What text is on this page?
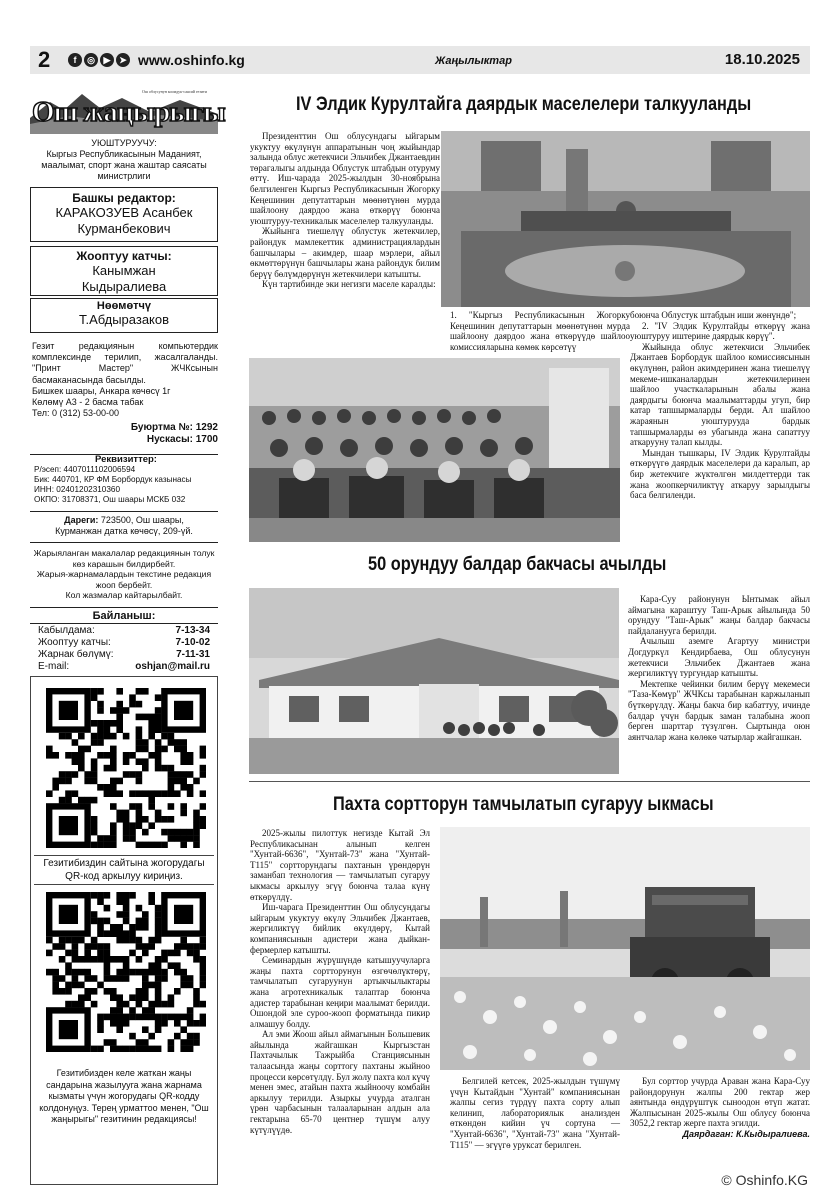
2	f	◎ ▶ ➤ www.oshinfo.kg	Жаңылыктар	18.10.2025
Ош облусунун коомдук-саясий гезити
Ош жаңырыгы
УЮШТУРУУЧУ:
Кыргыз Республикасынын Маданият, маалымат, спорт жана жаштар саясаты министрлиги
Башкы редактор:
КАРАКОЗУЕВ Асанбек Курманбекович
Жооптуу катчы:
Канымжан Кыдыралиева
Нөөмөтчү
Т.Абдыразаков
Гезит редакциянын компьютердик комплексинде терилип, жасалгаланды. "Принт Мастер" ЖЧКсынын басмаканасында басылды.
Бишкек шаары, Анкара көчөсү 1г
Көлөмү А3 - 2 басма табак
Тел: 0 (312) 53-00-00
Буюртма №: 1292
Нускасы: 1700
Реквизиттер:
Р/эсеп: 4407011102006594
Бик: 440701, КР ФМ Борбордук казынасы
ИНН: 02401202310360
ОКПО: 31708371, Ош шаары МСКБ 032
Дареги: 723500, Ош шаары, Курманжан датка көчөсү, 209-үй.
Жарыяланган макалалар редакциянын толук көз карашын билдирбейт.
Жарыя-жарнамалардын текстине редакция жооп бербейт.
Кол жазмалар кайтарылбайт.
Байланыш:
Кабылдама:	7-13-34
Жооптуу катчы:	7-10-02
Жарнак бөлүмү:	7-11-31
E-mail:	oshjan@mail.ru
Гезитибиздин сайтына жогорудагы QR-код аркылуу кириңиз.
Гезитибизден келе жаткан жаңы сандарына жазылууга жана жарнама кызматы үчүн жогорудагы QR-кодду колдонуңуз. Терең урматтоо менен, "Ош жаңырыгы" гезитинин редакциясы!
IV Элдик Курултайга даярдык маселелери талкууланды

Президенттин Ош облусундагы ыйгарым укуктуу өкүлүнүн аппаратынын чоң жыйындар залында облус жетекчиси Эльчибек Джантаевдин төрагалыгы алдында Облустук штабдын отуруму өттү. Иш-чарада 2025-жылдын 30-ноябрына белгиленген Кыргыз Республикасынын Жогорку Кеңешинин депутаттарын мөөнөтүнөн мурда шайлоону даярдоо жана өткөрүү боюнча уюштуруу-техникалык маселелер талкууланды.

Жыйынга тиешелүү облустук жетекчилер, райондук мамлекеттик администрациялардын башчылары – акимдер, шаар мэрлери, айыл өкмөттөрүнүн башчылары жана райондук билим берүү бөлүмдөрүнүн жетекчилери катышты.

Күн тартибинде эки негизги маселе каралды:

1. "Кыргыз Республикасынын Жогорку Кеңешинин депутаттарын мөөнөтүнөн мурда шайлоону даярдоо жана өткөрүүдө шайлоо комиссияларына көмөк көрсөтүү

боюнча Облустук штабдын иши жөнүндө";

2. "IV Элдик Курултайды өткөрүү жана уюштуруу иштерине даярдык көрүү".

Жыйында облус жетекчиси Эльчибек Джантаев Борбордук шайлоо комиссиясынын өкүлүнөн, район акимдеринен жана тиешелүү мекеме-ишканалардын жетекчилеринен шайлоо участкаларынын абалы жана даярдыгы боюнча маалыматтарды угуп, бир катар тапшырмаларды берди. Ал шайлоо жараянын уюштурууда бардык тапшырмаларды өз убагында жана сапаттуу аткарууну талап кылды.

Мындан тышкары, IV Элдик Курултайды өткөрүүгө даярдык маселелери да каралып, ар бир жетекчиге жүктөлгөн милдеттерди так жана жоопкерчиликтүү аткаруу зарылдыгы баса белгиленди.

50 орундуу балдар бакчасы ачылды

Кара-Суу районунун Ынтымак айыл аймагына караштуу Таш-Арык айылында 50 орундуу "Таш-Арык" жаңы балдар бакчасы пайдаланууга берилди.

Ачылыш аземге Агартуу министри Догдуркүл Кендирбаева, Ош облусунун жетекчиси Эльчибек Джантаев жана жергиликтүү тургундар катышты.

Мектепке чейинки билим берүү мекемеси "Таза-Көмүр" ЖЧКсы тарабынан каржыланып бүткөрүлдү. Жаңы бакча бир кабаттуу, ичинде балдар үчүн бардык заман талабына жооп берген шарттар түзүлгөн. Сыртында оюн аянтчалар жана көлөкө чатырлар жайгашкан.

Пахта сортторун тамчылатып сугаруу ыкмасы

2025-жылы пилоттук негизде Кытай Эл Республикасынан алынып келген "Хунтай-6636", "Хунтай-73" жана "Хунтай-Т115" сортторундагы пахтанын үрөндөрүн заманбап технология — тамчылатып сугаруу ыкмасы аркылуу эгүү боюнча талаа күнү өткөрүлдү.

Иш-чарага Президенттин Ош облусундагы ыйгарым укуктуу өкүлү Эльчибек Джантаев, жергиликтүү бийлик өкүлдөрү, Кытай компаниясынын адистери жана дыйкан-фермерлер катышты.

Семинардын жүрүшүндө катышуучуларга жаңы пахта сортторунун өзгөчөлүктөрү, тамчылатып сугаруунун артыкчылыктары жана агротехникалык талаптар боюнча адистер тарабынан кеңири маалымат берилди. Ошондой эле суроо-жооп форматында пикир алмашуу болду.

Ал эми Жоош айыл аймагынын Большевик айылында жайгашкан Кыргызстан Пахтачылык Тажрыйба Станциясынын талаасында жаңы сорттогу пахтаны жыйноо процесси көрсөтүлдү. Бул жолу пахта кол күчү менен эмес, атайын пахта жыйноочу комбайн аркылуу терилди. Азыркы учурда аталган үрөн чарбасынын талааларынан алдын ала гектарына 65-70 центнер түшүм алуу күтүлүүдө.

Белгилей кетсек, 2025-жылдын түшүмү үчүн Кытайдын "Хунтай" компаниясынан жалпы сегиз түрдүү пахта сорту алып келинип, лабораториялык анализден өткөндөн кийин үч сортуна — "Хунтай-6636", "Хунтай-73" жана "Хунтай-Т115" — эгүүгө уруксат берилген.

Бул сорттор учурда Араван жана Кара-Суу райондорунун жалпы 200 гектар жер аянтында өндүрүштүк сыноодон өтүп жатат. Жалпысынан 2025-жылы Ош облусу боюнча 3052,2 гектар жерге пахта эгилди.

Даярдаган: К.Кыдыралиева.
© Oshinfo.KG
